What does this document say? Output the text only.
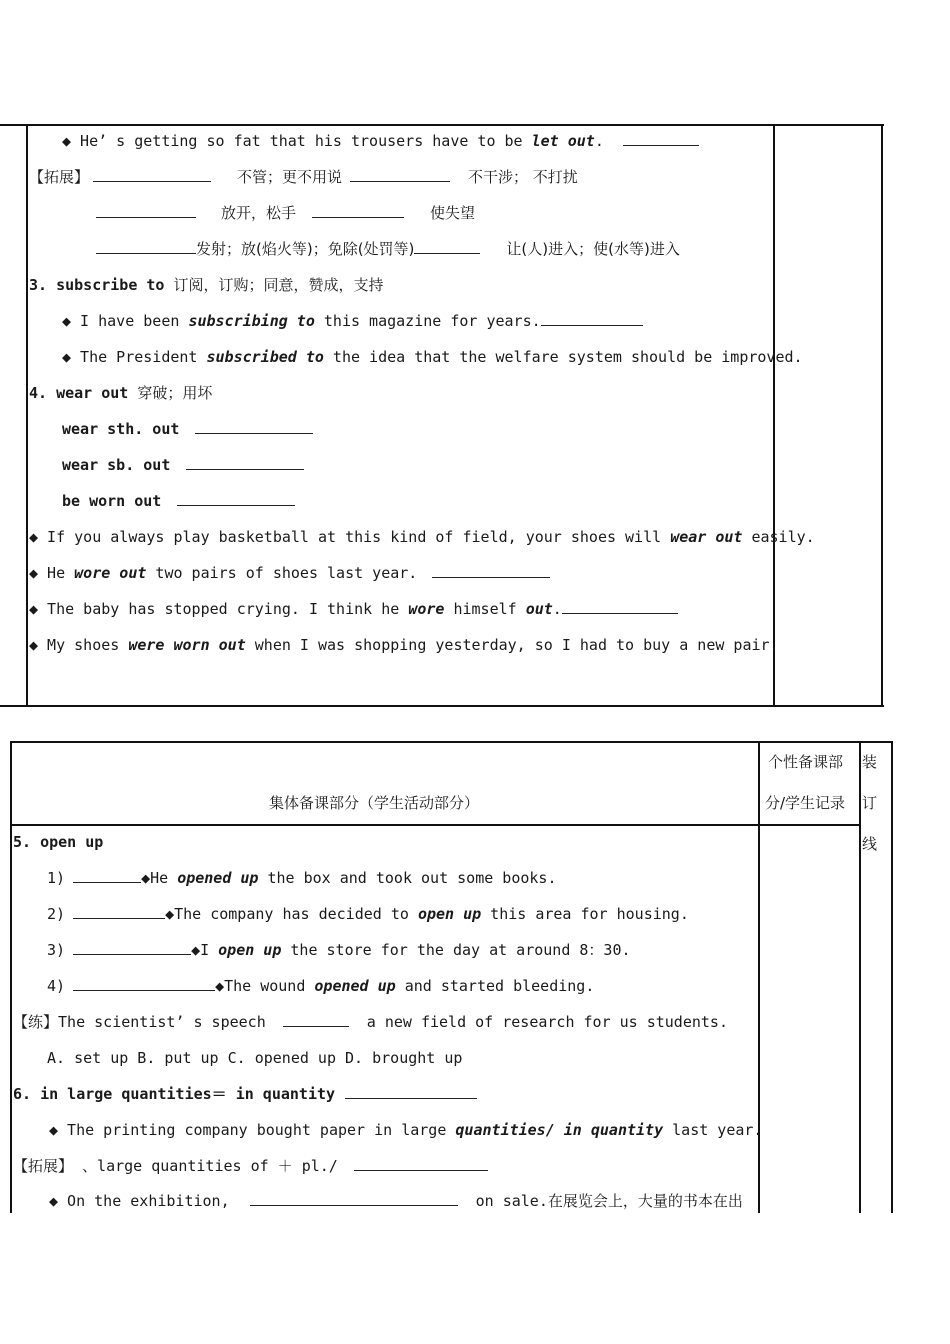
◆ He’ s getting so fat that his trousers have to be let out.
【拓展】	不管；更不用说	不干涉； 不打扰
放开，松手	使失望
发射；放(焰火等)；免除(处罚等)	让(人)进入；使(水等)进入
3. subscribe to 订阅，订购；同意，赞成，支持
◆ I have been subscribing to this magazine for years.
◆ The President subscribed to the idea that the welfare system should be improved.
4. wear out 穿破；用坏
wear sth. out
wear sb. out
be worn out
◆ If you always play basketball at this kind of field, your shoes will wear out easily.
◆ He wore out two pairs of shoes last year.
◆ The baby has stopped crying. I think he wore himself out.
◆ My shoes were worn out when I was shopping yesterday, so I had to buy a new pair.
集体备课部分（学生活动部分）
个性备课部
分/学生记录
装
订
线
5. open up
1)	◆He opened up the box and took out some books.
2)	◆The company has decided to open up this area for housing.
3)	◆I open up the store for the day at around 8：30.
4)	◆The wound opened up and started bleeding.
【练】The scientist’ s speech	a new field of research for us students.
A. set up B. put up C. opened up D. brought up
6. in large quantities＝ in quantity
◆ The printing company bought paper in large quantities/ in quantity last year.
【拓展】 、large quantities of ＋ pl./
◆ On the exhibition,	on sale.在展览会上，大量的书本在出
